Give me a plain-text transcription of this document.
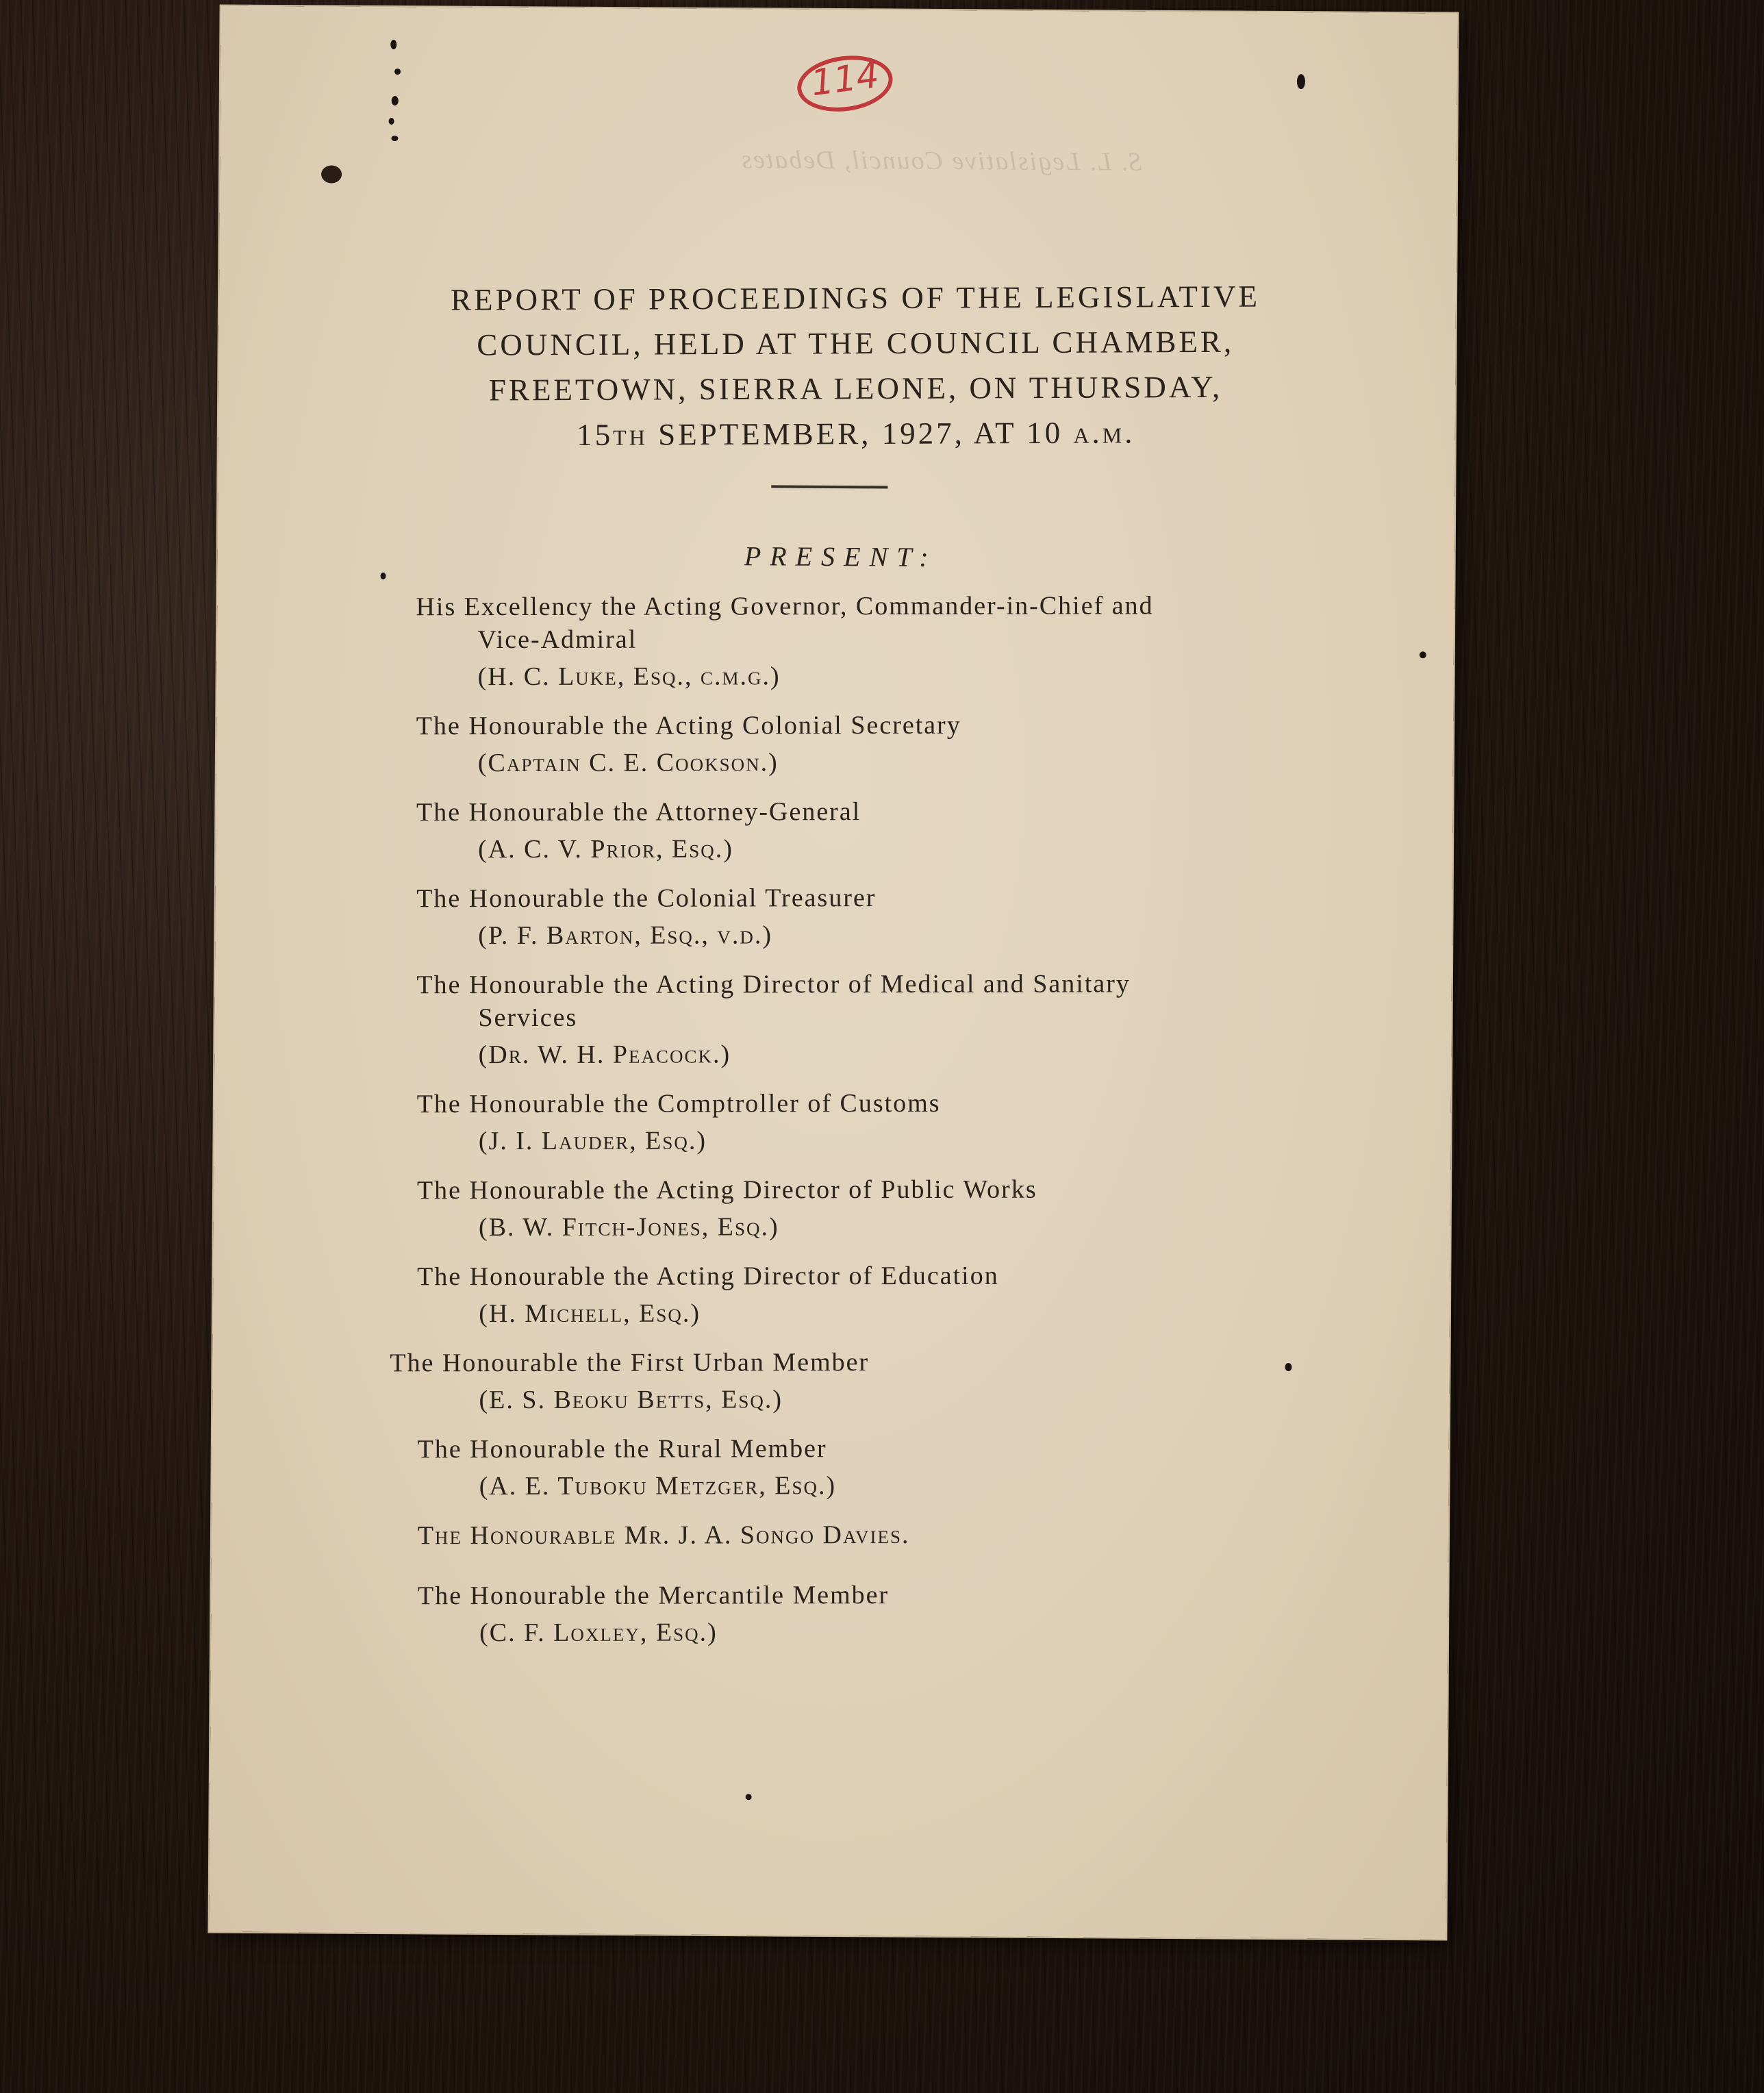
114
S. L. Legislative Council, Debates
REPORT OF PROCEEDINGS OF THE LEGISLATIVE
COUNCIL, HELD AT THE COUNCIL CHAMBER,
FREETOWN, SIERRA LEONE, ON THURSDAY,
15th SEPTEMBER, 1927, AT 10 a.m.
PRESENT:
His Excellency the Acting Governor, Commander-in-Chief and
Vice-Admiral
(H. C. Luke, Esq., c.m.g.)
The Honourable the Acting Colonial Secretary
(Captain C. E. Cookson.)
The Honourable the Attorney-General
(A. C. V. Prior, Esq.)
The Honourable the Colonial Treasurer
(P. F. Barton, Esq., v.d.)
The Honourable the Acting Director of Medical and Sanitary
Services
(Dr. W. H. Peacock.)
The Honourable the Comptroller of Customs
(J. I. Lauder, Esq.)
The Honourable the Acting Director of Public Works
(B. W. Fitch-Jones, Esq.)
The Honourable the Acting Director of Education
(H. Michell, Esq.)
The Honourable the First Urban Member
(E. S. Beoku Betts, Esq.)
The Honourable the Rural Member
(A. E. Tuboku Metzger, Esq.)
The Honourable Mr. J. A. Songo Davies.
The Honourable the Mercantile Member
(C. F. Loxley, Esq.)
